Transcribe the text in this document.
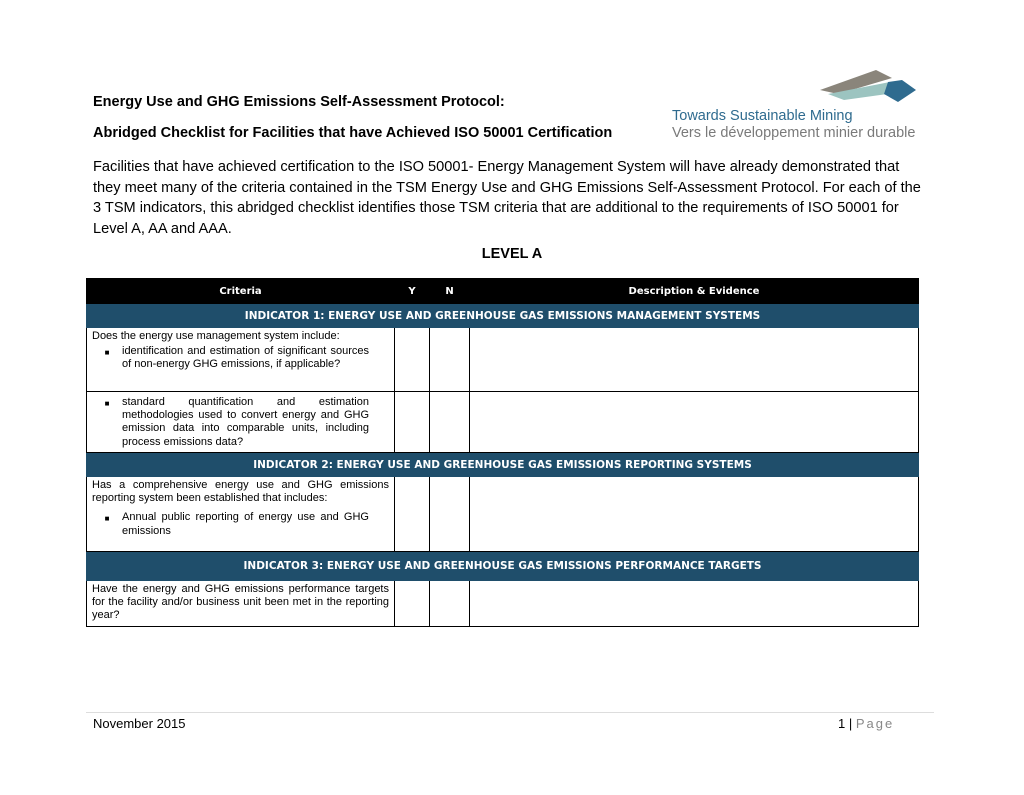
Energy Use and GHG Emissions Self-Assessment Protocol:
Abridged Checklist for Facilities that have Achieved ISO 50001 Certification
Towards Sustainable Mining
Vers le développement minier durable
Facilities that have achieved certification to the ISO 50001- Energy Management System will have already demonstrated that they meet many of the criteria contained in the TSM Energy Use and GHG Emissions Self-Assessment Protocol. For each of the 3 TSM indicators, this abridged checklist identifies those TSM criteria that are additional to the requirements of ISO 50001 for Level A, AA and AAA.
LEVEL A
Criteria	Y	N	Description & Evidence
INDICATOR 1: ENERGY USE AND GREENHOUSE GAS EMISSIONS MANAGEMENT SYSTEMS			

Does the energy use management system include:

■ identification and estimation of significant sources of non-energy GHG emissions, if applicable?			

■ standard quantification and estimation methodologies used to convert energy and GHG emission data into comparable units, including process emissions data?			

INDICATOR 2: ENERGY USE AND GREENHOUSE GAS EMISSIONS REPORTING SYSTEMS			

Has a comprehensive energy use and GHG emissions reporting system been established that includes:

■ Annual public reporting of energy use and GHG emissions			

INDICATOR 3: ENERGY USE AND GREENHOUSE GAS EMISSIONS PERFORMANCE TARGETS			

Have the energy and GHG emissions performance targets for the facility and/or business unit been met in the reporting year?			

November 2015	1 | Page
